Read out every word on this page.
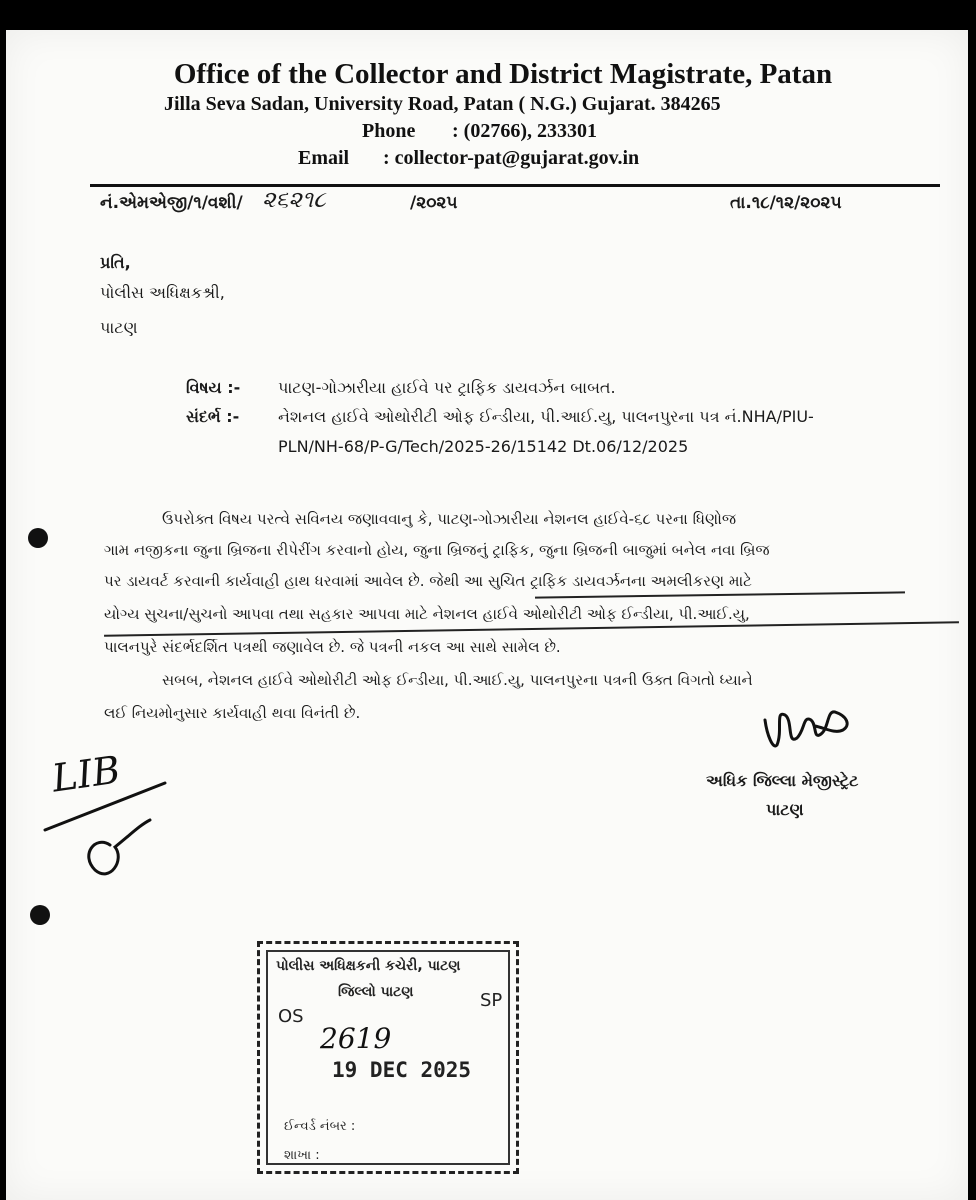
Office of the Collector and District Magistrate, Patan
Jilla Seva Sadan, University Road, Patan ( N.G.) Gujarat. 384265
Phone : (02766), 233301
Email : collector-pat@gujarat.gov.in
નં.એમએજી/૧/વશી/ ૨૬૨૧૮	/૨૦૨૫	તા.૧૮/૧૨/૨૦૨૫
પ્રતિ,
પોલીસ અધિક્ષકશ્રી,
પાટણ
વિષય :- પાટણ-ગોઝારીયા હાઈવે પર ટ્રાફિક ડાયવર્ઝન બાબત.
સંદર્ભ :- નેશનલ હાઈવે ઓથોરીટી ઓફ ઈન્ડીયા, પી.આઈ.યુ, પાલનપુરના પત્ર નં.NHA/PIU-
PLN/NH-68/P-G/Tech/2025-26/15142 Dt.06/12/2025
ઉપરોક્ત વિષય પરત્વે સવિનય જણાવવાનુ કે, પાટણ-ગોઝારીયા નેશનલ હાઈવે-૬૮ પરના ધિણોજ
ગામ નજીકના જુના બ્રિજના રીપેરીંગ કરવાનો હોય, જુના બ્રિજનું ટ્રાફિક, જુના બ્રિજની બાજુમાં બનેલ નવા બ્રિજ
પર ડાયવર્ટ કરવાની કાર્યવાહી હાથ ધરવામાં આવેલ છે. જેથી આ સુચિત ટ્રાફિક ડાયવર્ઝનના અમલીકરણ માટે
યોગ્ય સુચના/સુચનો આપવા તથા સહકાર આપવા માટે નેશનલ હાઈવે ઓથોરીટી ઓફ ઈન્ડીયા, પી.આઈ.યુ,
પાલનપુરે સંદર્ભદર્શિત પત્રથી જણાવેલ છે. જે પત્રની નકલ આ સાથે સામેલ છે.
સબબ, નેશનલ હાઈવે ઓથોરીટી ઓફ ઈન્ડીયા, પી.આઈ.યુ, પાલનપુરના પત્રની ઉક્ત વિગતો ધ્યાને
લઈ નિયમોનુસાર કાર્યવાહી થવા વિનંતી છે.
અધિક જિલ્લા મેજીસ્ટ્રેટ
પાટણ
LIB
પોલીસ અધિક્ષકની કચેરી, પાટણ
જિલ્લો પાટણ
OS
SP
2619
19 DEC 2025
ઈન્વર્ડ નંબર :
શાખા :
